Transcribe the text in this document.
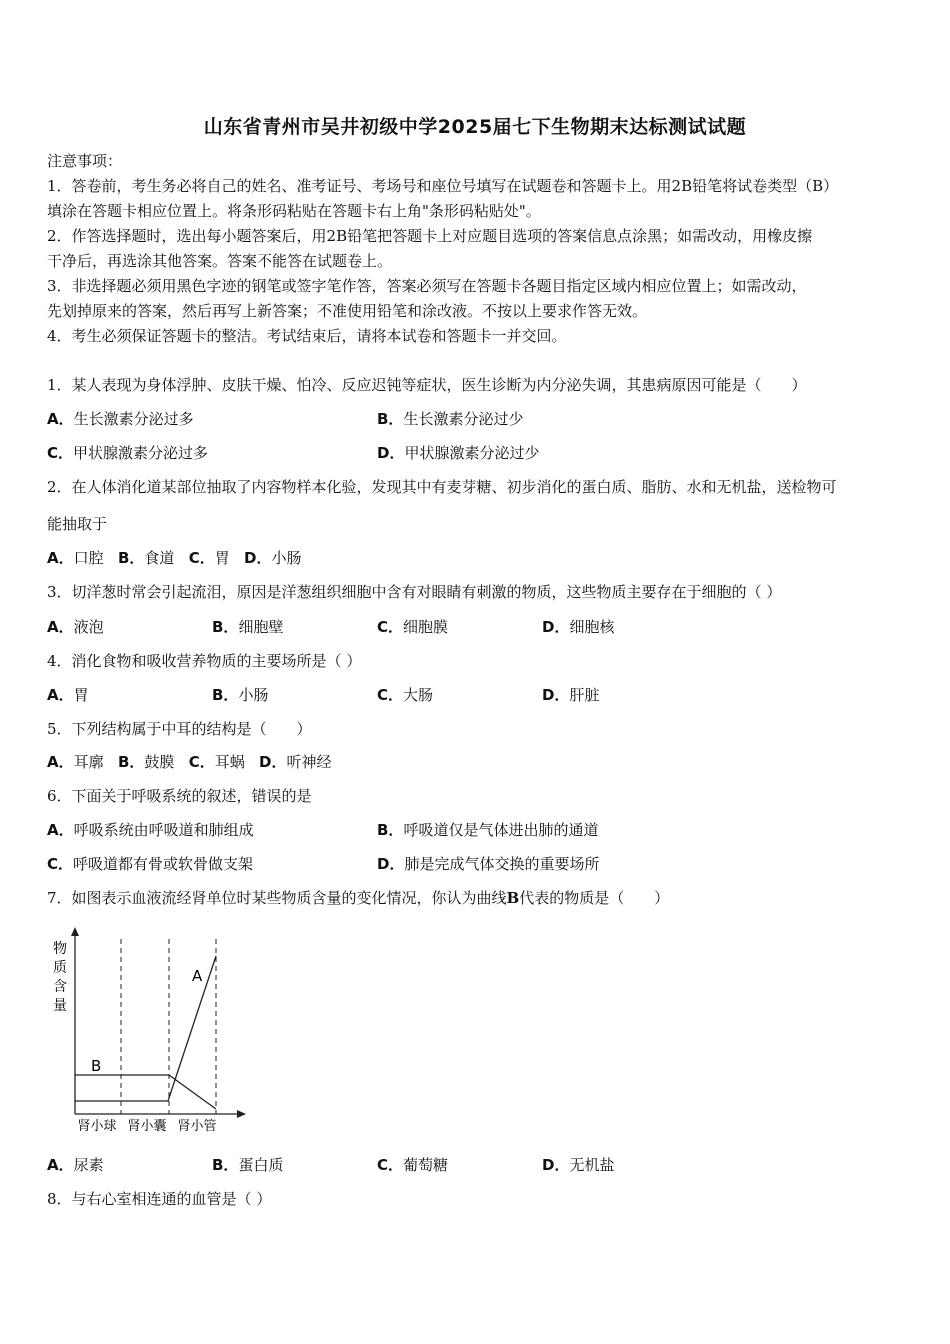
山东省青州市吴井初级中学2025届七下生物期末达标测试试题
注意事项：
1．答卷前，考生务必将自己的姓名、准考证号、考场号和座位号填写在试题卷和答题卡上。用2B铅笔将试卷类型（B）
填涂在答题卡相应位置上。将条形码粘贴在答题卡右上角"条形码粘贴处"。
2．作答选择题时，选出每小题答案后，用2B铅笔把答题卡上对应题目选项的答案信息点涂黑；如需改动，用橡皮擦
干净后，再选涂其他答案。答案不能答在试题卷上。
3．非选择题必须用黑色字迹的钢笔或签字笔作答，答案必须写在答题卡各题目指定区域内相应位置上；如需改动，
先划掉原来的答案，然后再写上新答案；不准使用铅笔和涂改液。不按以上要求作答无效。
4．考生必须保证答题卡的整洁。考试结束后，请将本试卷和答题卡一并交回。
1．某人表现为身体浮肿、皮肤干燥、怕冷、反应迟钝等症状，医生诊断为内分泌失调，其患病原因可能是（　　）
A．生长激素分泌过多	B．生长激素分泌过少
C．甲状腺激素分泌过多	D．甲状腺激素分泌过少
2．在人体消化道某部位抽取了内容物样本化验，发现其中有麦芽糖、初步消化的蛋白质、脂肪、水和无机盐，送检物可
能抽取于
A．口腔 B．食道 C．胃 D．小肠
3．切洋葱时常会引起流泪，原因是洋葱组织细胞中含有对眼睛有刺激的物质，这些物质主要存在于细胞的（ ）
A．液泡	B．细胞壁	C．细胞膜	D．细胞核
4．消化食物和吸收营养物质的主要场所是（ ）
A．胃	B．小肠	C．大肠	D．肝脏
5．下列结构属于中耳的结构是（　　）
A．耳廓 B．鼓膜 C．耳蜗 D．听神经
6．下面关于呼吸系统的叙述，错误的是
A．呼吸系统由呼吸道和肺组成	B．呼吸道仅是气体进出肺的通道
C．呼吸道都有骨或软骨做支架	D．肺是完成气体交换的重要场所
7．如图表示血液流经肾单位时某些物质含量的变化情况，你认为曲线B代表的物质是（　　）
物
质
含
量
A
B
肾小球 肾小囊 肾小管
A．尿素	B．蛋白质	C．葡萄糖	D．无机盐
8．与右心室相连通的血管是（ ）
